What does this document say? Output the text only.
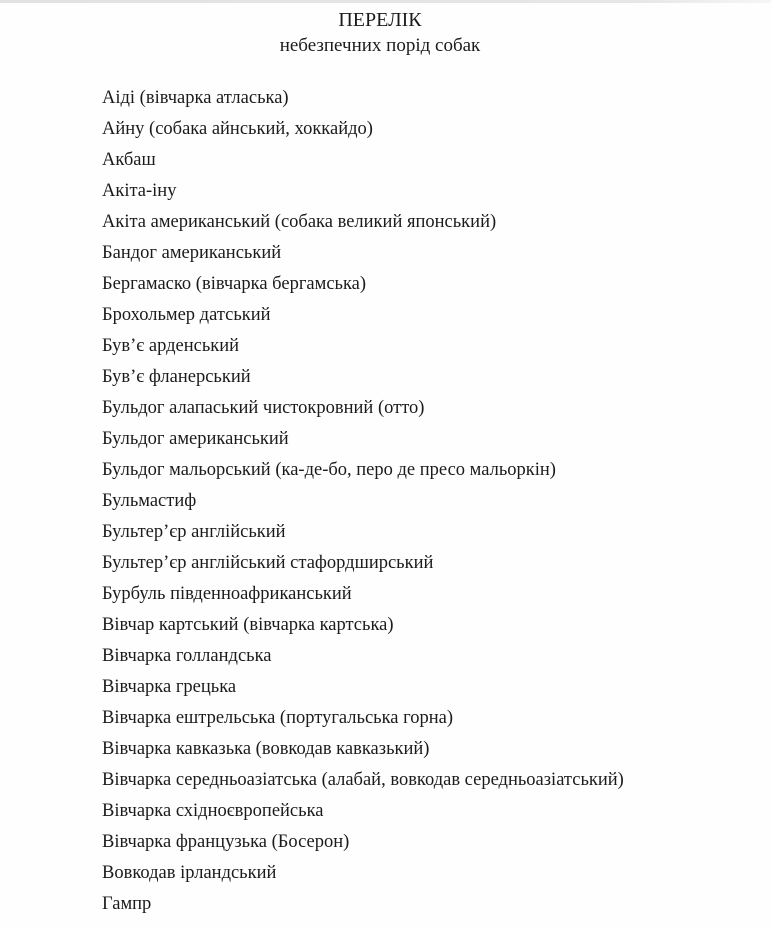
ПЕРЕЛІК
небезпечних порід собак
Аіді (вівчарка атласька)
Айну (собака айнський, хоккайдо)
Акбаш
Акіта-іну
Акіта американський (собака великий японський)
Бандог американський
Бергамаско (вівчарка бергамська)
Брохольмер датський
Був’є арденський
Був’є фланерський
Бульдог алапаський чистокровний (отто)
Бульдог американський
Бульдог мальорський (ка-де-бо, перо де пресо мальоркін)
Бульмастиф
Бультер’єр англійський
Бультер’єр англійський стафордширський
Бурбуль південноафриканський
Вівчар картський (вівчарка картська)
Вівчарка голландська
Вівчарка грецька
Вівчарка ештрельська (португальська горна)
Вівчарка кавказька (вовкодав кавказький)
Вівчарка середньоазіатська (алабай, вовкодав середньоазіатський)
Вівчарка східноєвропейська
Вівчарка французька (Босерон)
Вовкодав ірландський
Гампр
